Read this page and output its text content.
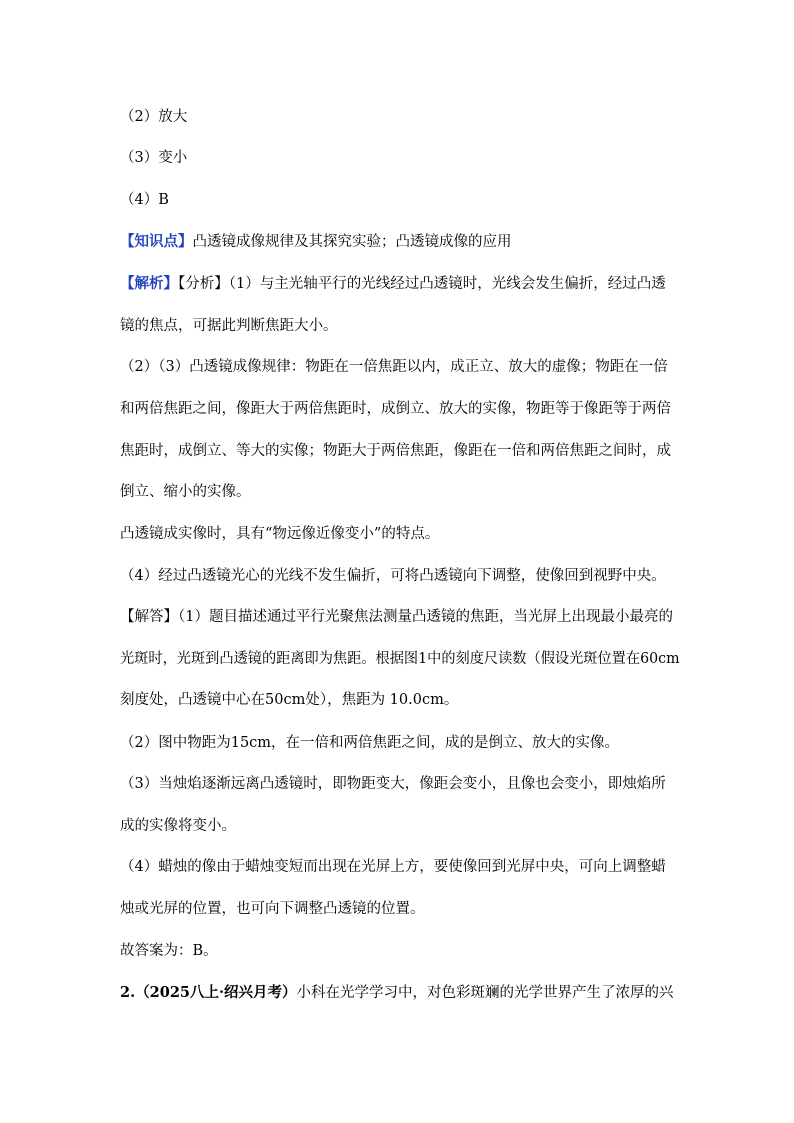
（2）放大
（3）变小
（4）B
【知识点】凸透镜成像规律及其探究实验；凸透镜成像的应用
【解析】【分析】（1）与主光轴平行的光线经过凸透镜时，光线会发生偏折，经过凸透
镜的焦点，可据此判断焦距大小。
（2）（3）凸透镜成像规律：物距在一倍焦距以内，成正立、放大的虚像；物距在一倍
和两倍焦距之间，像距大于两倍焦距时，成倒立、放大的实像，物距等于像距等于两倍
焦距时，成倒立、等大的实像；物距大于两倍焦距，像距在一倍和两倍焦距之间时，成
倒立、缩小的实像。
凸透镜成实像时，具有“物远像近像变小”的特点。
（4）经过凸透镜光心的光线不发生偏折，可将凸透镜向下调整，使像回到视野中央。
【解答】（1）题目描述通过平行光聚焦法测量凸透镜的焦距，当光屏上出现最小最亮的
光斑时，光斑到凸透镜的距离即为焦距。根据图1中的刻度尺读数（假设光斑位置在60cm
刻度处，凸透镜中心在50cm处），焦距为 10.0cm。
（2）图中物距为15cm，在一倍和两倍焦距之间，成的是倒立、放大的实像。
（3）当烛焰逐渐远离凸透镜时，即物距变大，像距会变小，且像也会变小，即烛焰所
成的实像将变小。
（4）蜡烛的像由于蜡烛变短而出现在光屏上方，要使像回到光屏中央，可向上调整蜡
烛或光屏的位置，也可向下调整凸透镜的位置。
故答案为：B。
2.（2025八上·绍兴月考）小科在光学学习中，对色彩斑斓的光学世界产生了浓厚的兴
